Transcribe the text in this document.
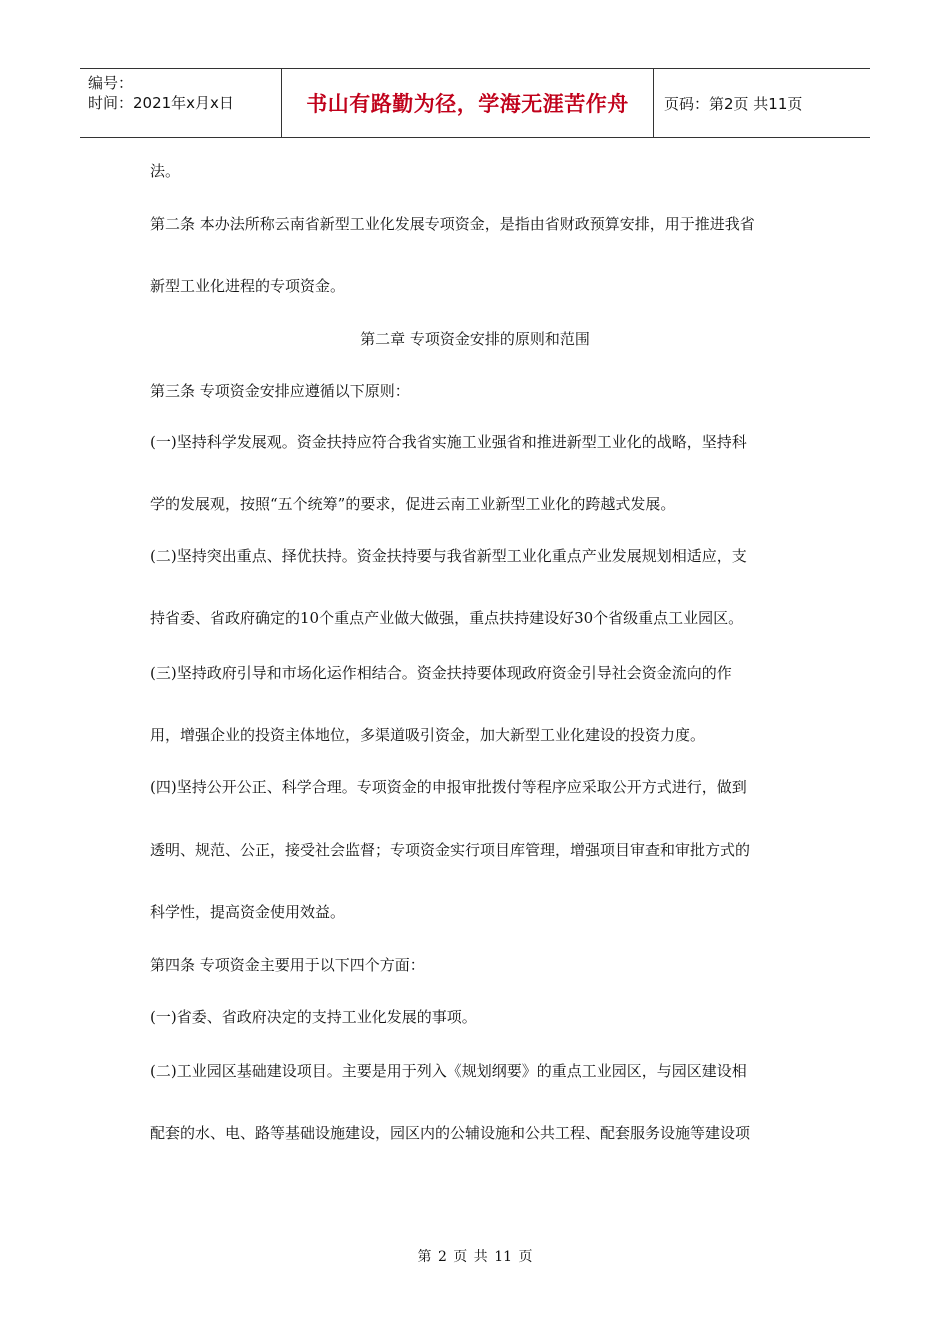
编号：
时间：2021年x月x日	书山有路勤为径，学海无涯苦作舟 页码：第2页 共11页
法。
第二条 本办法所称云南省新型工业化发展专项资金，是指由省财政预算安排，用于推进我省
新型工业化进程的专项资金。
第二章 专项资金安排的原则和范围
第三条 专项资金安排应遵循以下原则：
(一)坚持科学发展观。资金扶持应符合我省实施工业强省和推进新型工业化的战略，坚持科
学的发展观，按照“五个统筹”的要求，促进云南工业新型工业化的跨越式发展。
(二)坚持突出重点、择优扶持。资金扶持要与我省新型工业化重点产业发展规划相适应，支
持省委、省政府确定的10个重点产业做大做强，重点扶持建设好30个省级重点工业园区。
(三)坚持政府引导和市场化运作相结合。资金扶持要体现政府资金引导社会资金流向的作
用，增强企业的投资主体地位，多渠道吸引资金，加大新型工业化建设的投资力度。
(四)坚持公开公正、科学合理。专项资金的申报审批拨付等程序应采取公开方式进行，做到
透明、规范、公正，接受社会监督；专项资金实行项目库管理，增强项目审查和审批方式的
科学性，提高资金使用效益。
第四条 专项资金主要用于以下四个方面：
(一)省委、省政府决定的支持工业化发展的事项。
(二)工业园区基础建设项目。主要是用于列入《规划纲要》的重点工业园区，与园区建设相
配套的水、电、路等基础设施建设，园区内的公辅设施和公共工程、配套服务设施等建设项
第 2 页 共 11 页
